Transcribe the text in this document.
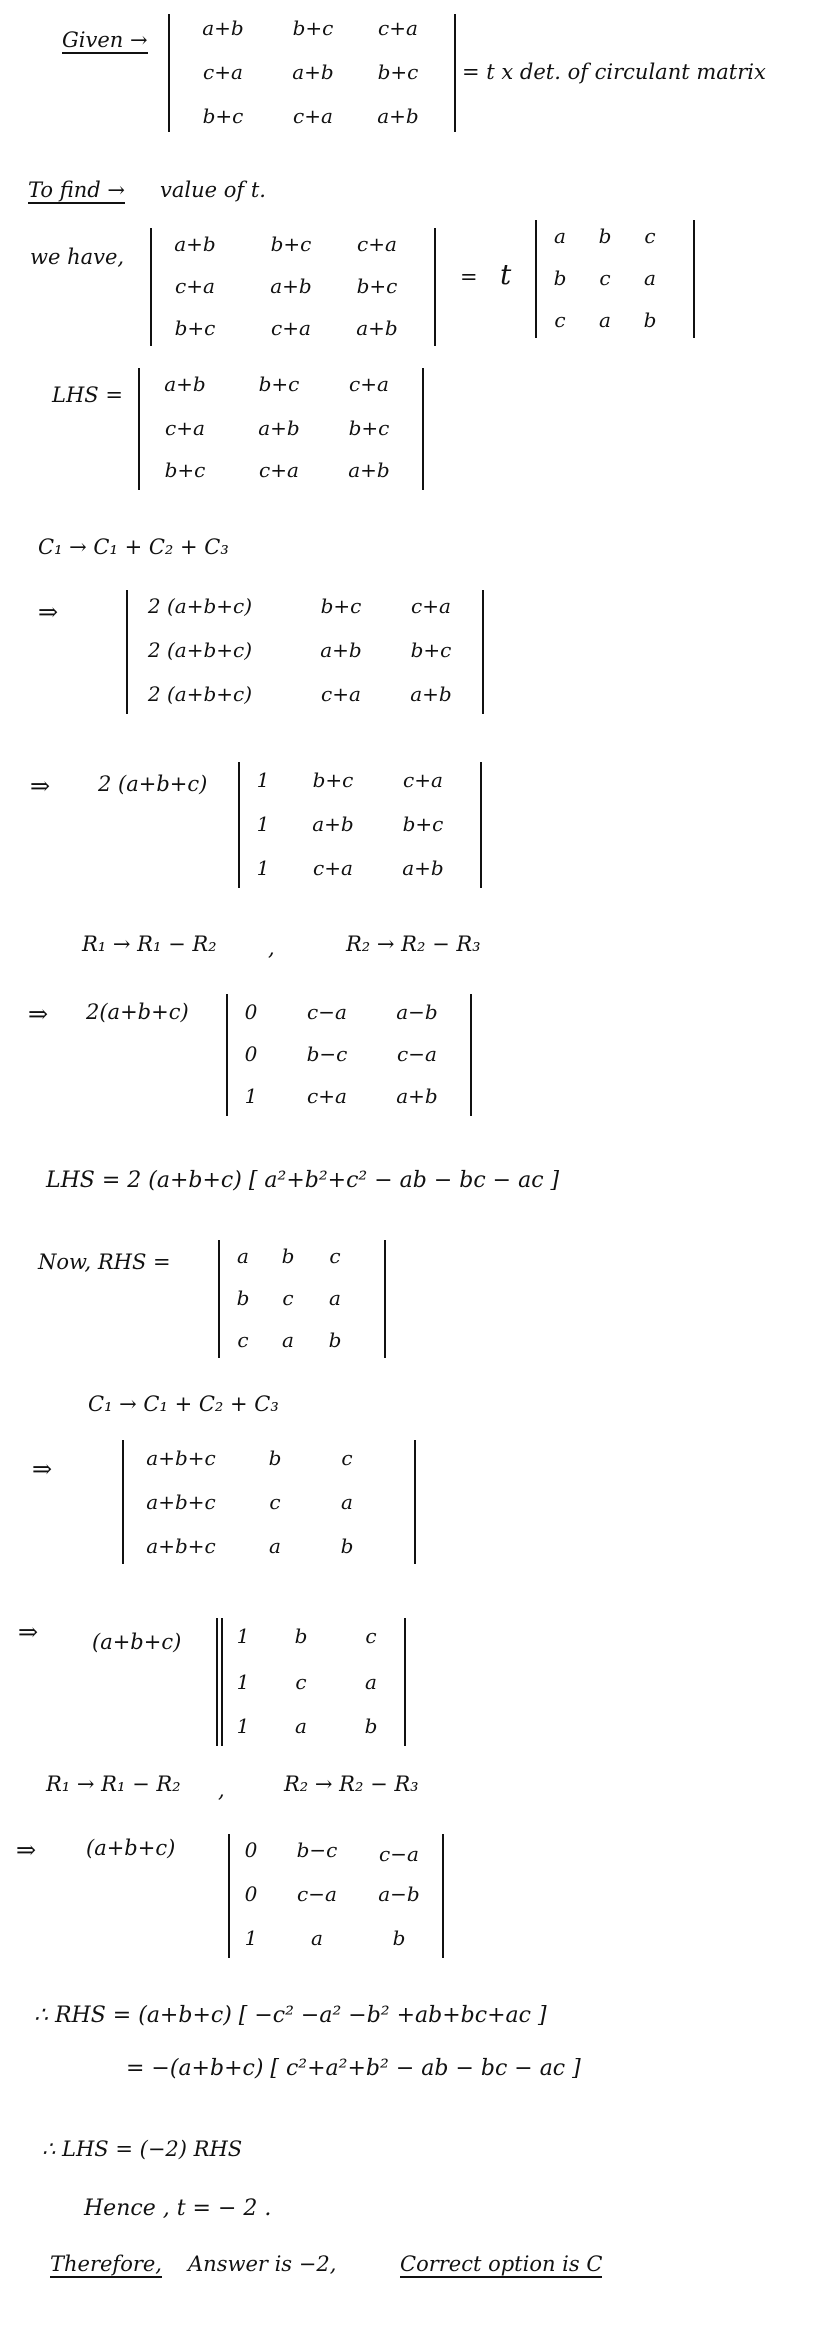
Given →	a+b	b+c	c+a
c+a	a+b	b+c
b+c	c+a	a+b
= t x det. of circulant matrix
To find → value of t.
we have,
a+b	b+c	c+a
c+a	a+b	b+c
b+c	c+a	a+b
= t
a	b	c
b	c	a
c	a	b
LHS =	a+b	b+c	c+a
c+a	a+b	b+c
b+c	c+a	a+b
C₁ → C₁ + C₂ + C₃
⇒	2 (a+b+c)	b+c	c+a
2 (a+b+c)	a+b	b+c
2 (a+b+c)	c+a	a+b
⇒ 2 (a+b+c)	1	b+c	c+a
1	a+b	b+c
1	c+a	a+b
R₁ → R₁ − R₂ ,	R₂ → R₂ − R₃
⇒ 2(a+b+c)	0	c−a	a−b
0	b−c	c−a
1	c+a	a+b
LHS = 2 (a+b+c) [ a²+b²+c² − ab − bc − ac ]
Now, RHS =	a	b	c
b	c	a
c	a	b
C₁ → C₁ + C₂ + C₃
⇒	a+b+c	b	c
a+b+c	c	a
a+b+c	a	b
⇒	(a+b+c)	1	b	c
1	c	a
1	a	b
R₁ → R₁ − R₂ ,	R₂ → R₂ − R₃
⇒ (a+b+c)	0	b−c	c−a
0	c−a	a−b
1	a	b
∴ RHS = (a+b+c) [ −c² −a² −b² +ab+bc+ac ]
= −(a+b+c) [ c²+a²+b² − ab − bc − ac ]
∴ LHS = (−2) RHS
Hence , t = − 2 .
Therefore, Answer is −2,	Correct option is C
